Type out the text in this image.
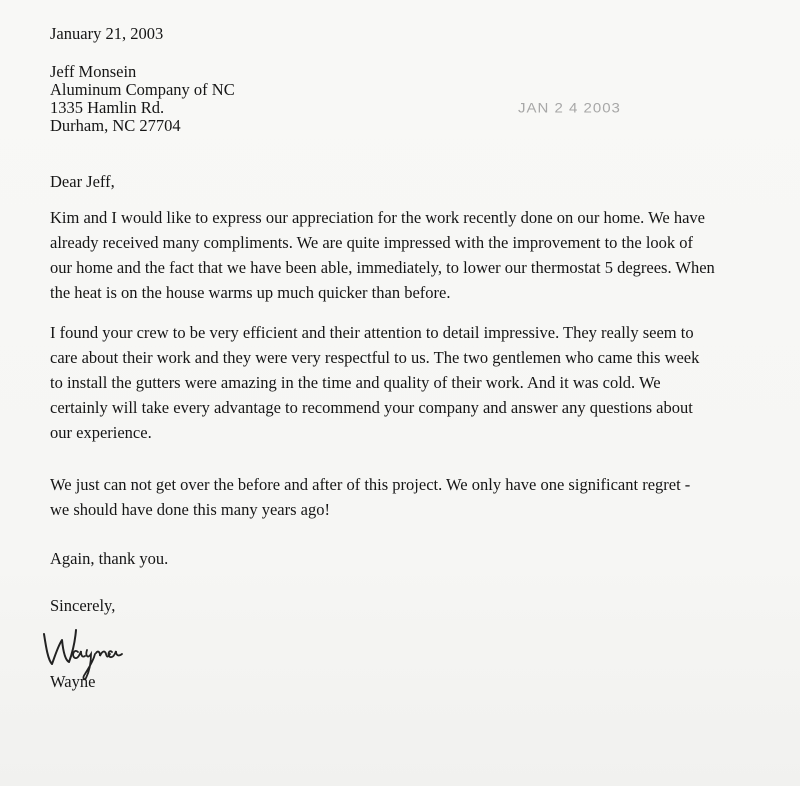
January 21, 2003
Jeff Monsein
Aluminum Company of NC
1335 Hamlin Rd.
Durham, NC 27704
JAN 2 4 2003
Dear Jeff,
Kim and I would like to express our appreciation for the work recently done on our home. We have
already received many compliments. We are quite impressed with the improvement to the look of
our home and the fact that we have been able, immediately, to lower our thermostat 5 degrees. When
the heat is on the house warms up much quicker than before.
I found your crew to be very efficient and their attention to detail impressive. They really seem to
care about their work and they were very respectful to us. The two gentlemen who came this week
to install the gutters were amazing in the time and quality of their work. And it was cold. We
certainly will take every advantage to recommend your company and answer any questions about
our experience.
We just can not get over the before and after of this project. We only have one significant regret -
we should have done this many years ago!
Again, thank you.
Sincerely,
Wayne
